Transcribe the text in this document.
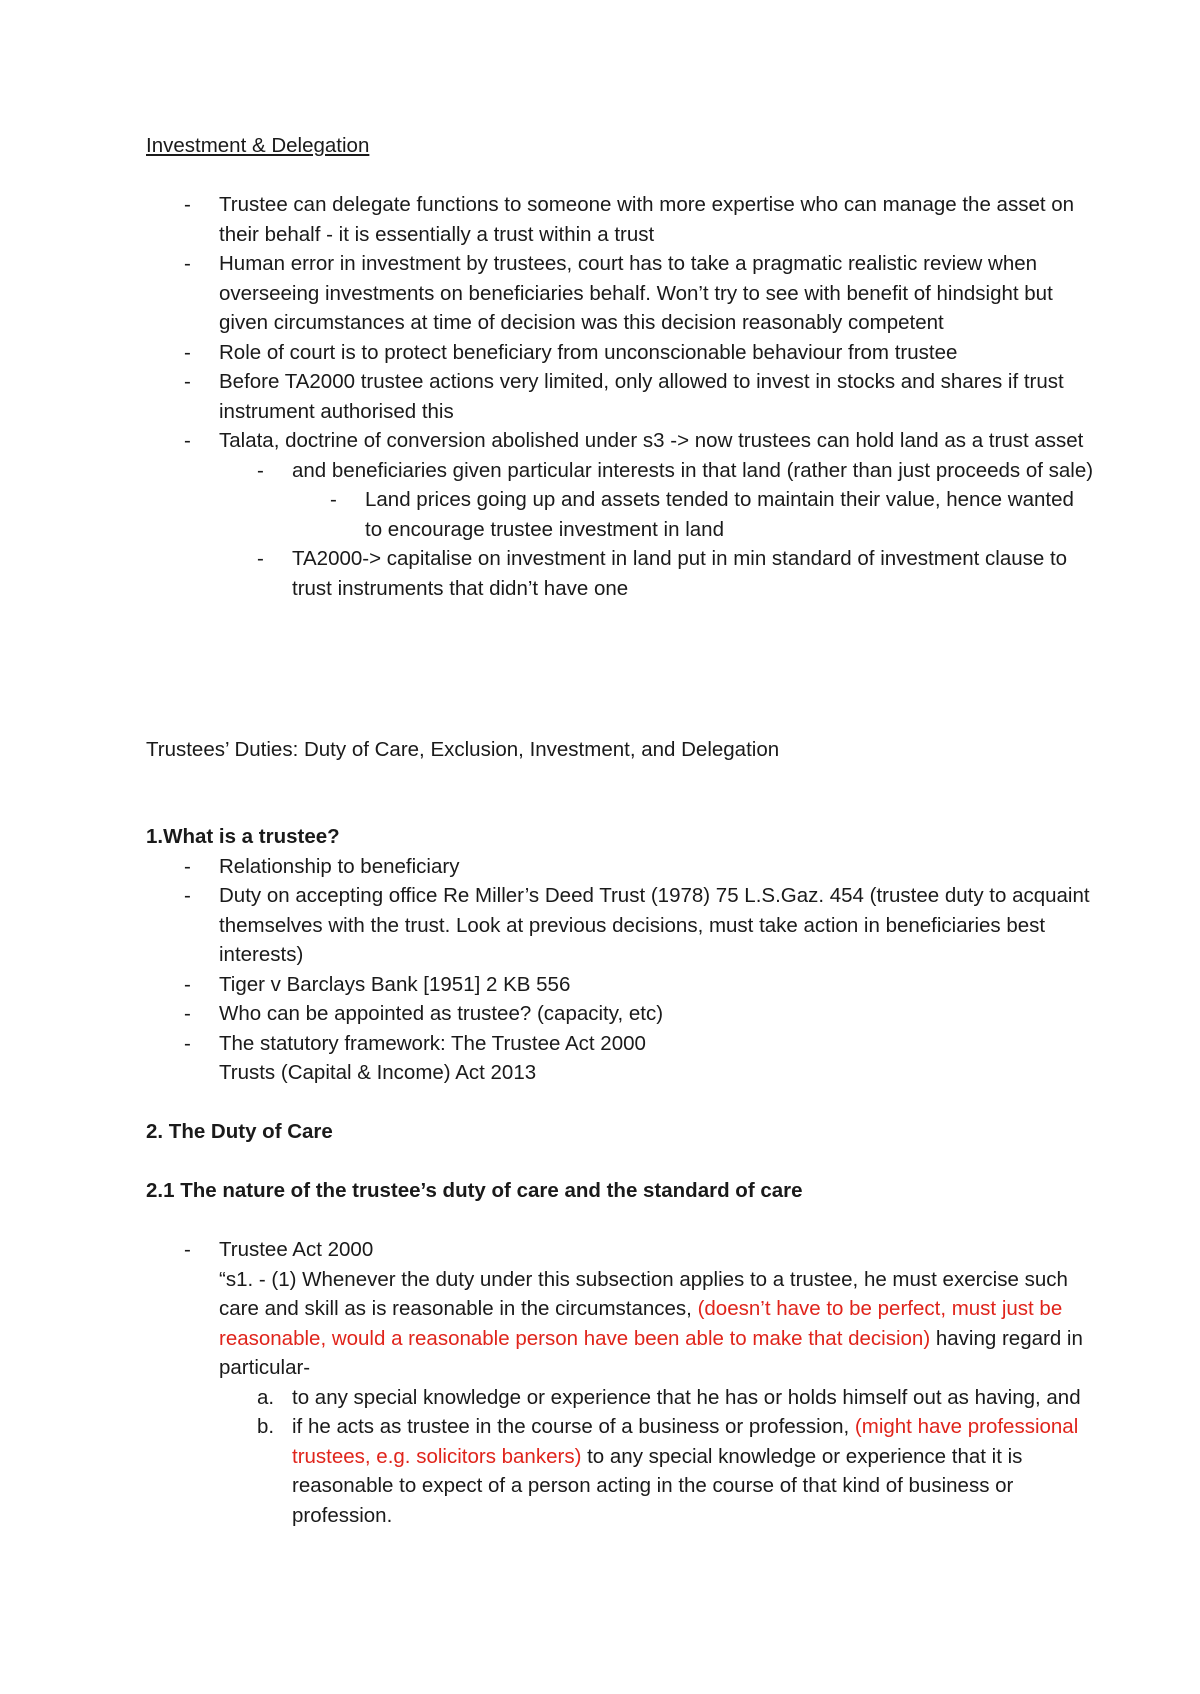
Investment & Delegation
- Trustee can delegate functions to someone with more expertise who can manage the asset on their behalf - it is essentially a trust within a trust
- Human error in investment by trustees, court has to take a pragmatic realistic review when overseeing investments on beneficiaries behalf. Won’t try to see with benefit of hindsight but given circumstances at time of decision was this decision reasonably competent
- Role of court is to protect beneficiary from unconscionable behaviour from trustee
- Before TA2000 trustee actions very limited, only allowed to invest in stocks and shares if trust instrument authorised this
- Talata, doctrine of conversion abolished under s3 -> now trustees can hold land as a trust asset
- and beneficiaries given particular interests in that land (rather than just proceeds of sale)
- Land prices going up and assets tended to maintain their value, hence wanted to encourage trustee investment in land
- TA2000-> capitalise on investment in land put in min standard of investment clause to trust instruments that didn’t have one
Trustees’ Duties: Duty of Care, Exclusion, Investment, and Delegation
1.What is a trustee?
- Relationship to beneficiary
- Duty on accepting office Re Miller’s Deed Trust (1978) 75 L.S.Gaz. 454 (trustee duty to acquaint themselves with the trust. Look at previous decisions, must take action in beneficiaries best interests)
- Tiger v Barclays Bank [1951] 2 KB 556
- Who can be appointed as trustee? (capacity, etc)
- The statutory framework: The Trustee Act 2000
Trusts (Capital & Income) Act 2013
2. The Duty of Care
2.1 The nature of the trustee’s duty of care and the standard of care
- Trustee Act 2000
“s1. - (1) Whenever the duty under this subsection applies to a trustee, he must exercise such care and skill as is reasonable in the circumstances, (doesn’t have to be perfect, must just be reasonable, would a reasonable person have been able to make that decision) having regard in particular-
a. to any special knowledge or experience that he has or holds himself out as having, and
b. if he acts as trustee in the course of a business or profession, (might have professional trustees, e.g. solicitors bankers) to any special knowledge or experience that it is reasonable to expect of a person acting in the course of that kind of business or profession.
